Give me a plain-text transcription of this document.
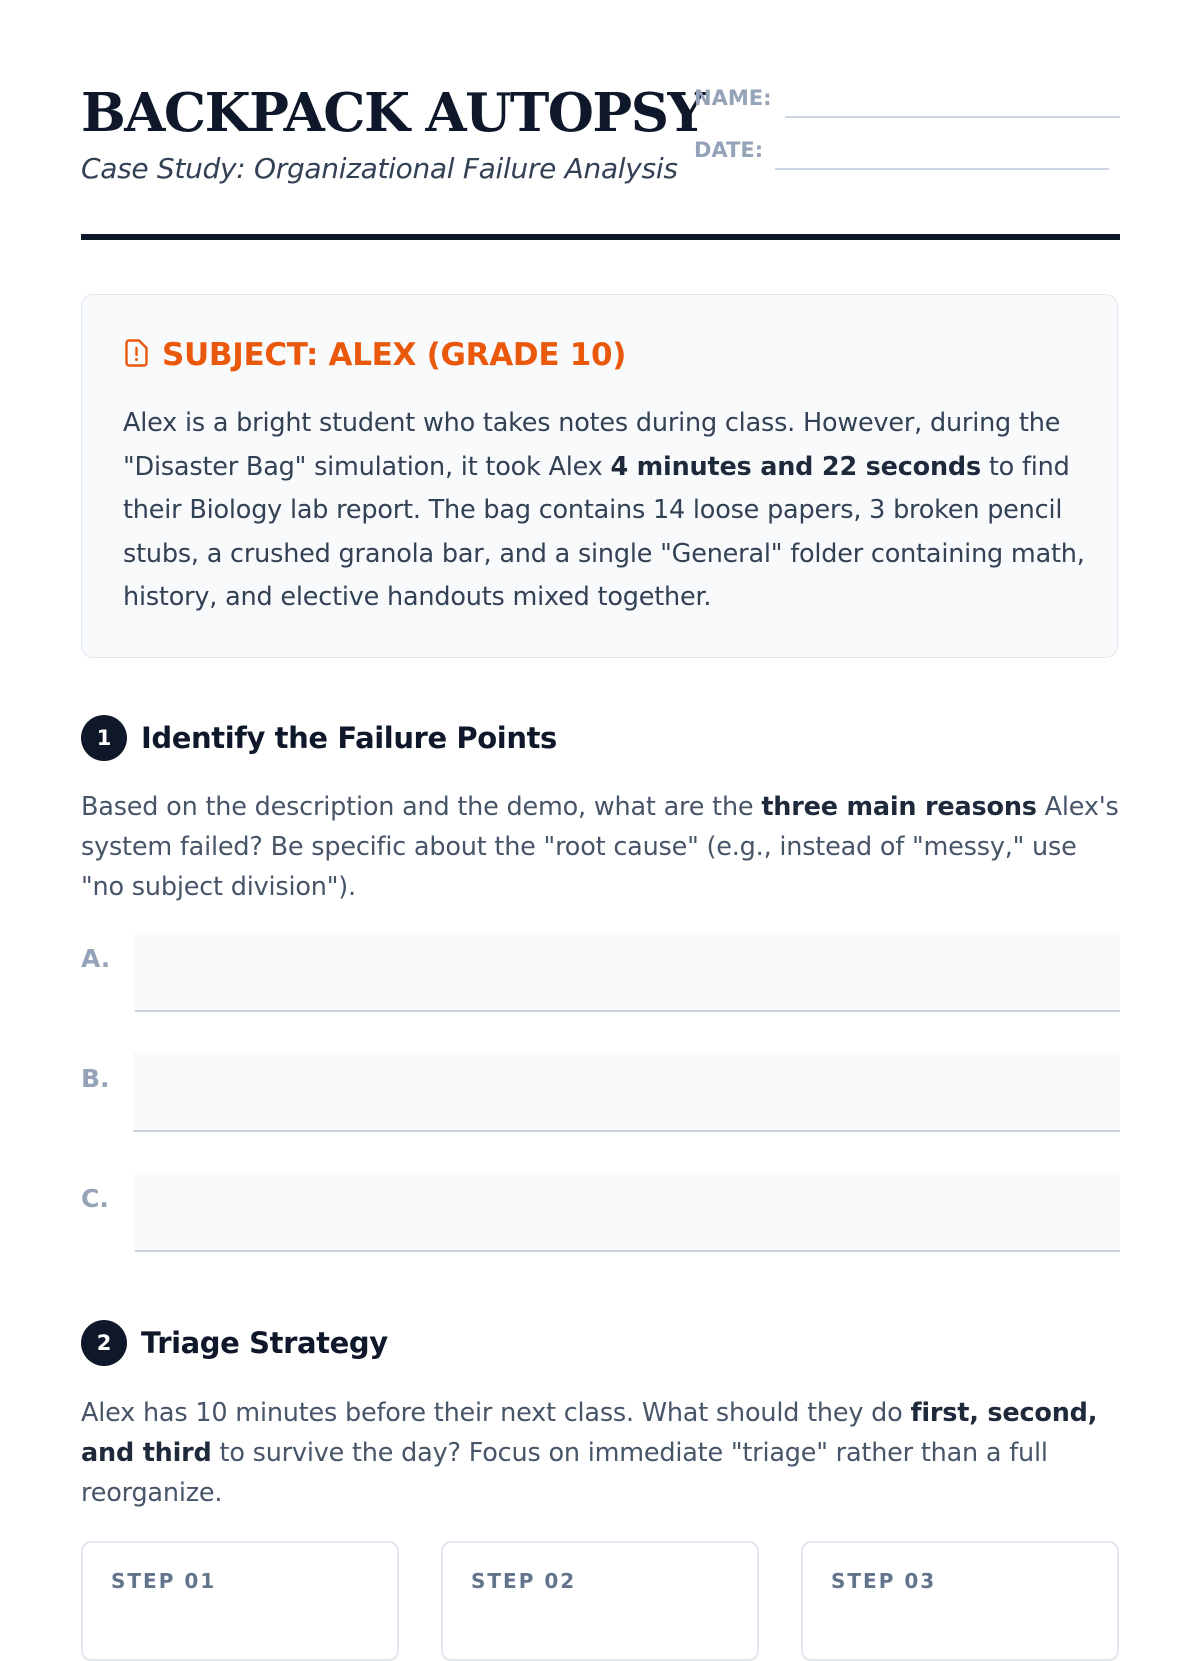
BACKPACK AUTOPSY

Case Study: Organizational Failure Analysis

NAME:
DATE:
SUBJECT: ALEX (GRADE 10)

Alex is a bright student who takes notes during class. However, during the "Disaster Bag" simulation, it took Alex 4 minutes and 22 seconds to find their Biology lab report. The bag contains 14 loose papers, 3 broken pencil stubs, a crushed granola bar, and a single "General" folder containing math, history, and elective handouts mixed together.

1	Identify the Failure Points

Based on the description and the demo, what are the three main reasons Alex's system failed? Be specific about the "root cause" (e.g., instead of "messy," use "no subject division").

A.
B.
C.
2	Triage Strategy

Alex has 10 minutes before their next class. What should they do first, second, and third to survive the day? Focus on immediate "triage" rather than a full reorganize.

STEP 01	STEP 02	STEP 03
